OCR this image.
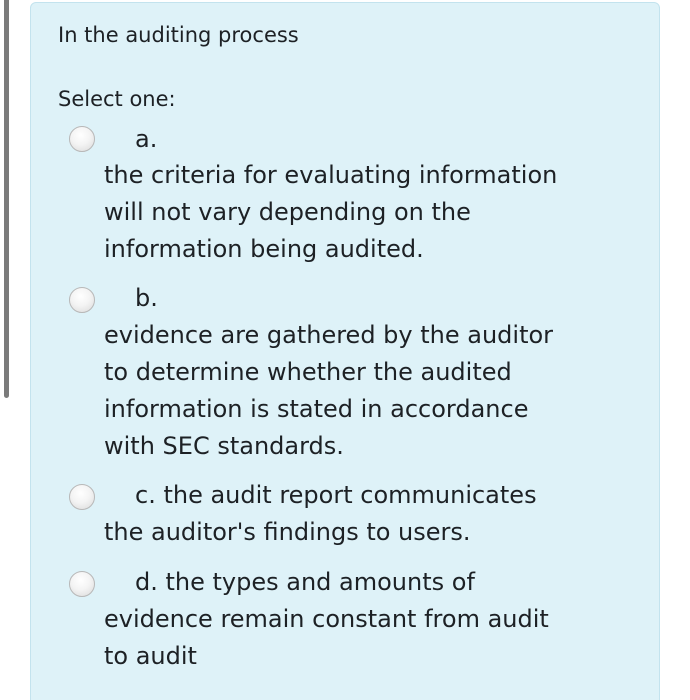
In the auditing process
Select one:
a.
the criteria for evaluating information
will not vary depending on the
information being audited.
b.
evidence are gathered by the auditor
to determine whether the audited
information is stated in accordance
with SEC standards.
c. the audit report communicates
the auditor's findings to users.
d. the types and amounts of
evidence remain constant from audit
to audit
